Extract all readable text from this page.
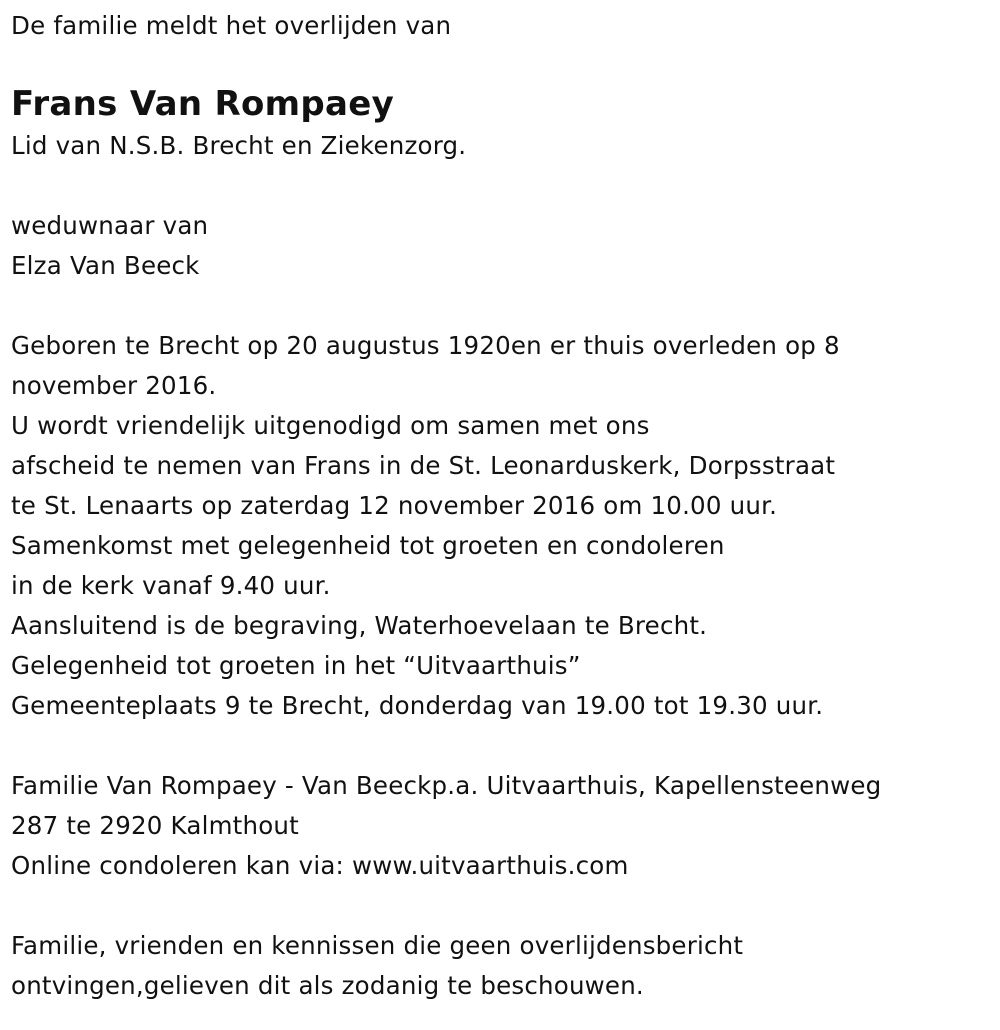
De familie meldt het overlijden van
Frans Van Rompaey
Lid van N.S.B. Brecht en Ziekenzorg.
weduwnaar van
Elza Van Beeck
Geboren te Brecht op 20 augustus 1920en er thuis overleden op 8
november 2016.
U wordt vriendelijk uitgenodigd om samen met ons
afscheid te nemen van Frans in de St. Leonarduskerk, Dorpsstraat
te St. Lenaarts op zaterdag 12 november 2016 om 10.00 uur.
Samenkomst met gelegenheid tot groeten en condoleren
in de kerk vanaf 9.40 uur.
Aansluitend is de begraving, Waterhoevelaan te Brecht.
Gelegenheid tot groeten in het “Uitvaarthuis”
Gemeenteplaats 9 te Brecht, donderdag van 19.00 tot 19.30 uur.
Familie Van Rompaey - Van Beeckp.a. Uitvaarthuis, Kapellensteenweg
287 te 2920 Kalmthout
Online condoleren kan via: www.uitvaarthuis.com
Familie, vrienden en kennissen die geen overlijdensbericht
ontvingen,gelieven dit als zodanig te beschouwen.
